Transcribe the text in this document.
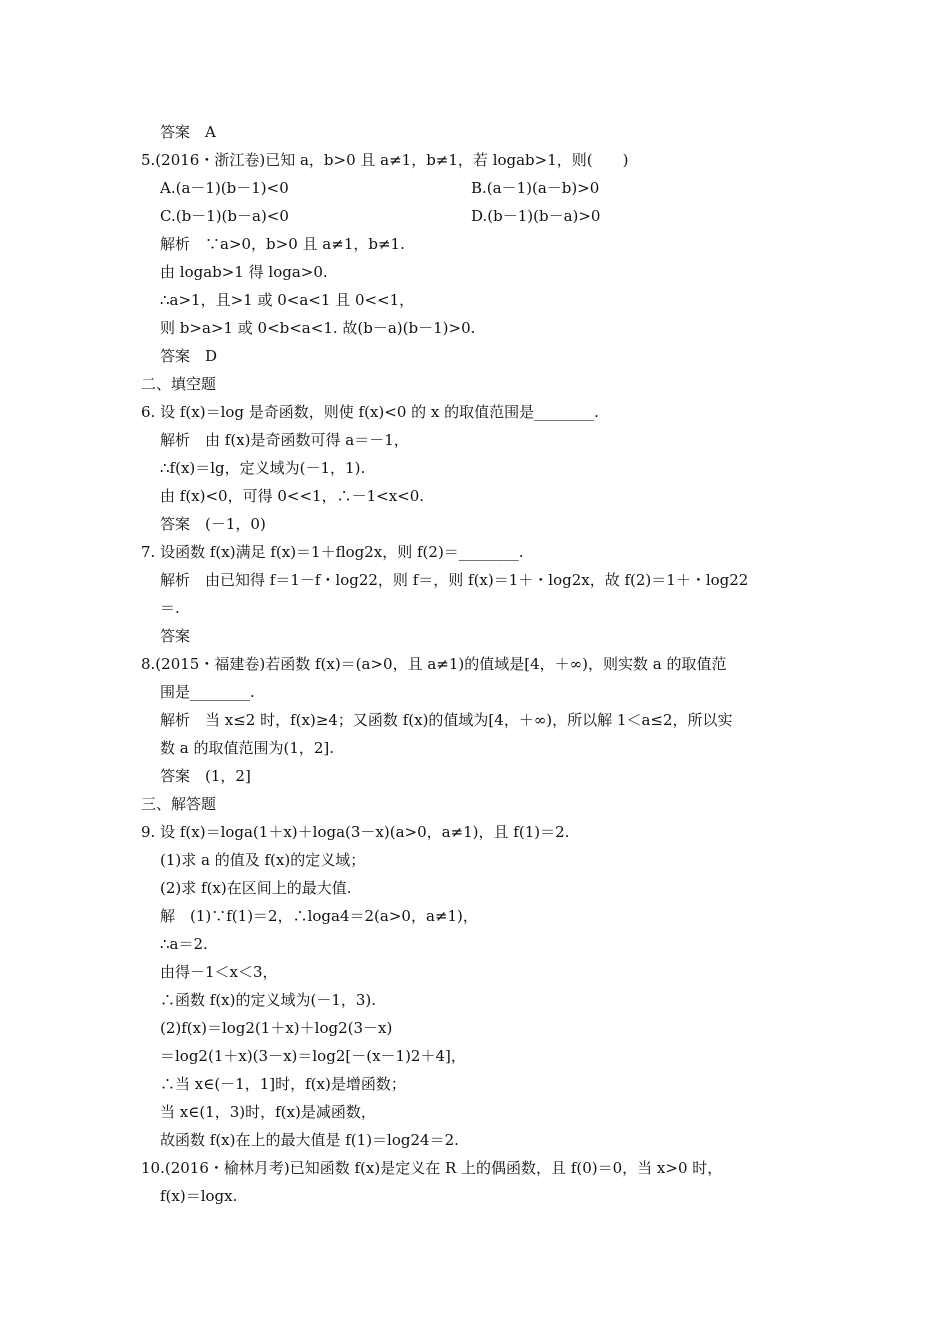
答案　A
5.(2016・浙江卷)已知 a，b>0 且 a≠1，b≠1，若 logab>1，则(　　)
A.(a－1)(b－1)<0	B.(a－1)(a－b)>0
C.(b－1)(b－a)<0	D.(b－1)(b－a)>0
解析　∵a>0，b>0 且 a≠1，b≠1.
由 logab>1 得 loga>0.
∴a>1，且>1 或 0<a<1 且 0<<1，
则 b>a>1 或 0<b<a<1. 故(b－a)(b－1)>0.
答案　D
二、填空题
6. 设 f(x)＝log 是奇函数，则使 f(x)<0 的 x 的取值范围是________.
解析　由 f(x)是奇函数可得 a＝－1，
∴f(x)＝lg，定义域为(－1，1).
由 f(x)<0，可得 0<<1，∴－1<x<0.
答案　(－1，0)
7. 设函数 f(x)满足 f(x)＝1＋flog2x，则 f(2)＝________.
解析　由已知得 f＝1－f・log22，则 f＝，则 f(x)＝1＋・log2x，故 f(2)＝1＋・log22
＝.
答案
8.(2015・福建卷)若函数 f(x)＝(a>0，且 a≠1)的值域是[4，＋∞)，则实数 a 的取值范
围是________.
解析　当 x≤2 时，f(x)≥4；又函数 f(x)的值域为[4，＋∞)，所以解 1＜a≤2，所以实
数 a 的取值范围为(1，2].
答案　(1，2]
三、解答题
9. 设 f(x)＝loga(1＋x)＋loga(3－x)(a>0，a≠1)，且 f(1)＝2.
(1)求 a 的值及 f(x)的定义域；
(2)求 f(x)在区间上的最大值.
解　(1)∵f(1)＝2，∴loga4＝2(a>0，a≠1)，
∴a＝2.
由得－1＜x＜3，
∴函数 f(x)的定义域为(－1，3).
(2)f(x)＝log2(1＋x)＋log2(3－x)
＝log2(1＋x)(3－x)＝log2[－(x－1)2＋4]，
∴当 x∈(－1，1]时，f(x)是增函数；
当 x∈(1，3)时，f(x)是减函数，
故函数 f(x)在上的最大值是 f(1)＝log24＝2.
10.(2016・榆林月考)已知函数 f(x)是定义在 R 上的偶函数，且 f(0)＝0，当 x>0 时，
f(x)＝logx.
